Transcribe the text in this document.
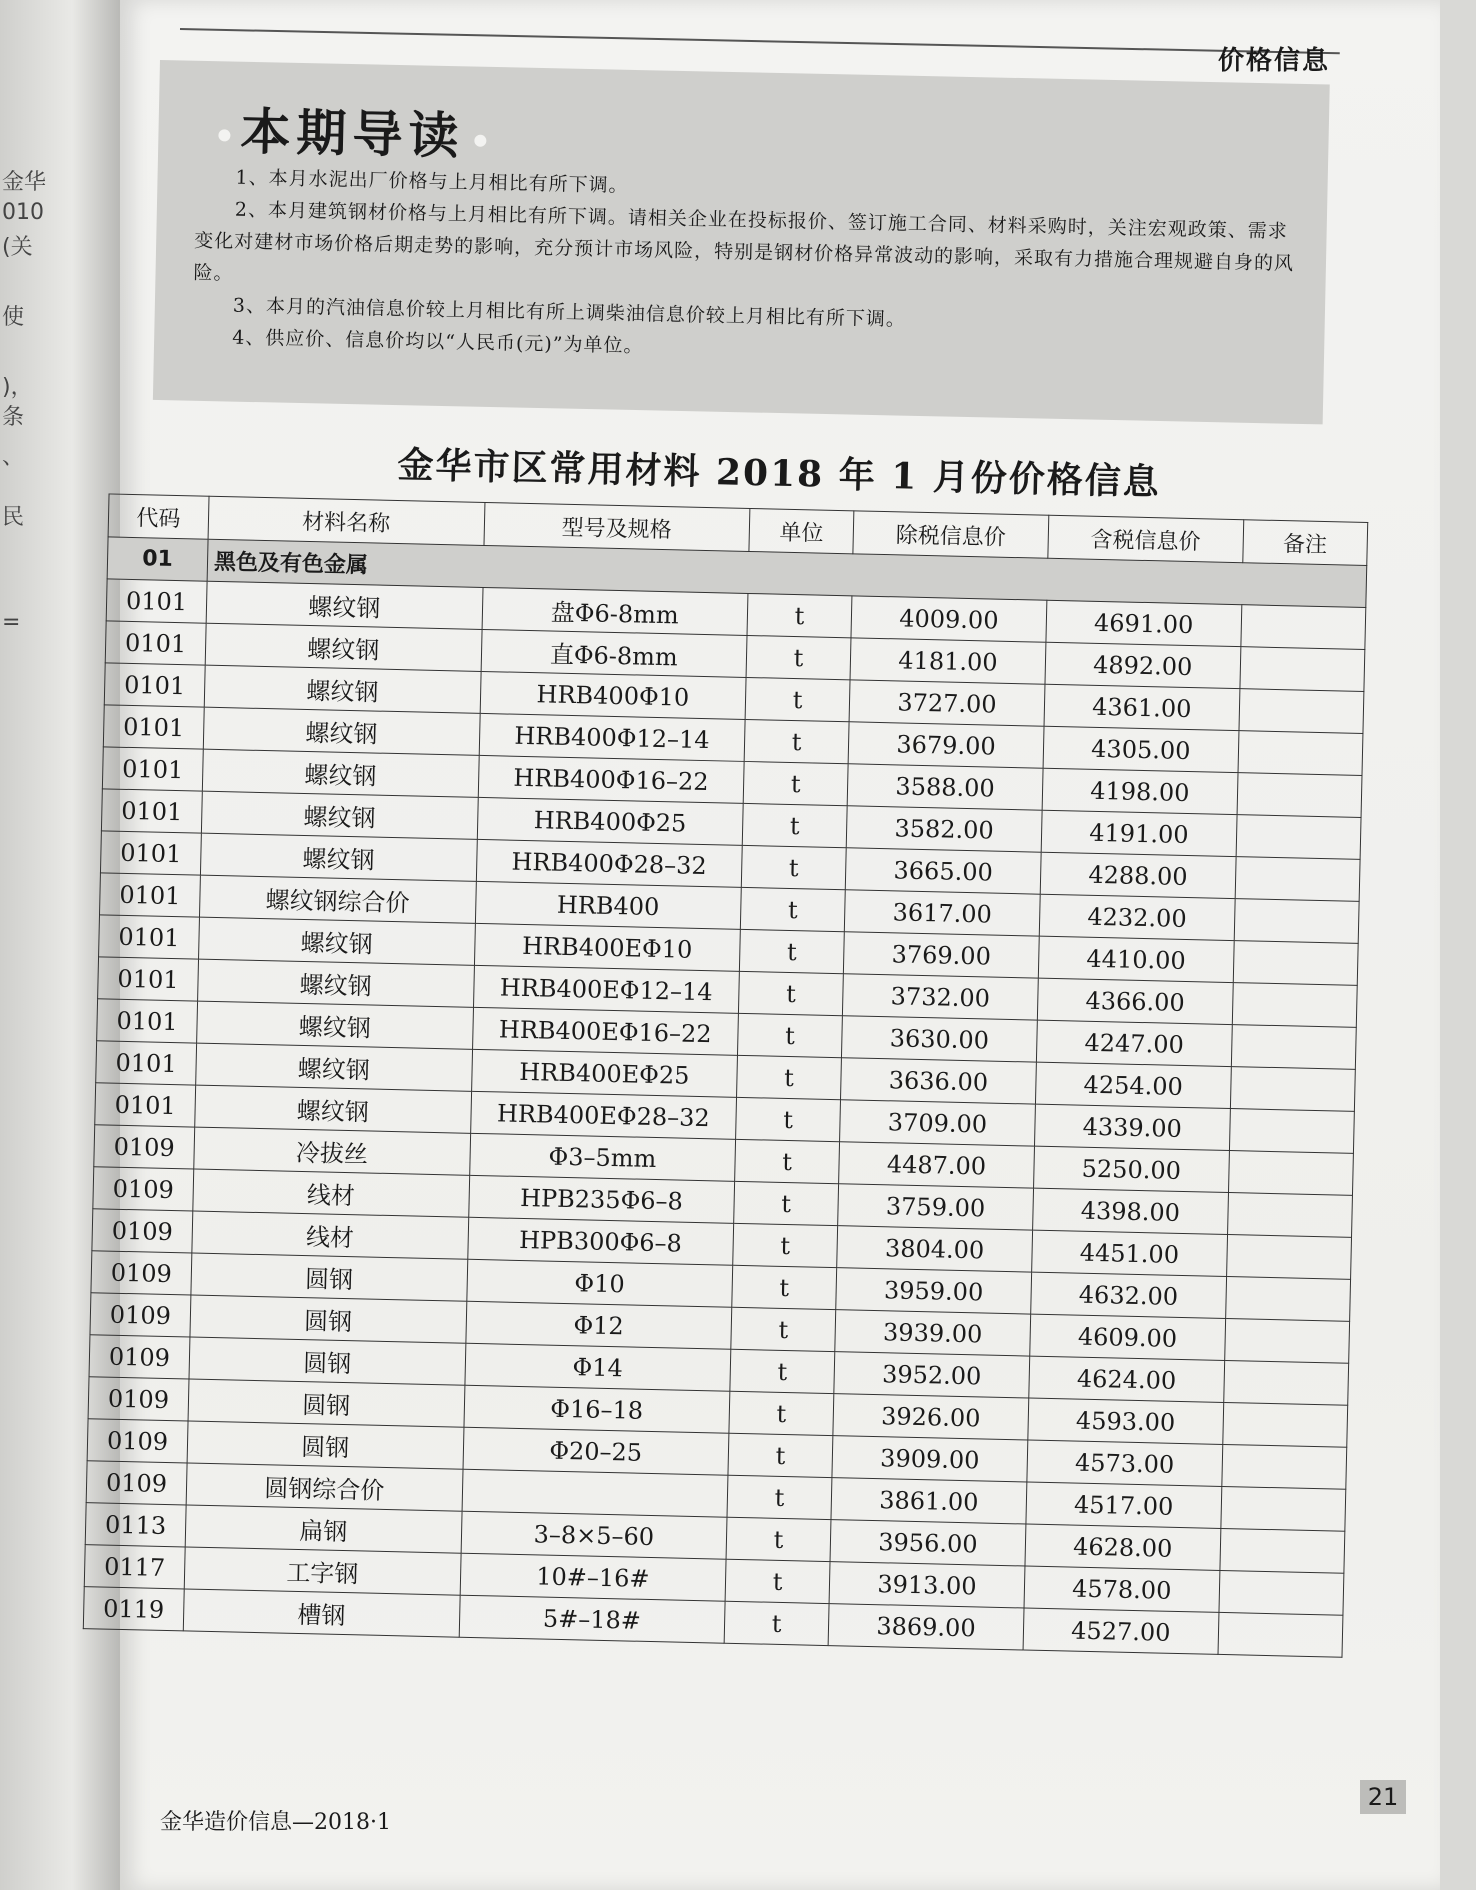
金华
010
(关
使
)，
条
、
民
=
价格信息
本期导读

1、本月水泥出厂价格与上月相比有所下调。

2、本月建筑钢材价格与上月相比有所下调。请相关企业在投标报价、签订施工合同、材料采购时，关注宏观政策、需求变化对建材市场价格后期走势的影响，充分预计市场风险，特别是钢材价格异常波动的影响，采取有力措施合理规避自身的风险。

3、本月的汽油信息价较上月相比有所上调柴油信息价较上月相比有所下调。

4、供应价、信息价均以“人民币(元)”为单位。

金华市区常用材料 2018 年 1 月份价格信息
代码	材料名称	型号及规格	单位	除税信息价	含税信息价	备注
01	黑色及有色金属					
0101	螺纹钢	盘Φ6-8mm	t	4009.00	4691.00	
0101	螺纹钢	直Φ6-8mm	t	4181.00	4892.00	
0101	螺纹钢	HRB400Φ10	t	3727.00	4361.00	
0101	螺纹钢	HRB400Φ12–14	t	3679.00	4305.00	
0101	螺纹钢	HRB400Φ16–22	t	3588.00	4198.00	
0101	螺纹钢	HRB400Φ25	t	3582.00	4191.00	
0101	螺纹钢	HRB400Φ28–32	t	3665.00	4288.00	
0101	螺纹钢综合价	HRB400	t	3617.00	4232.00	
0101	螺纹钢	HRB400EΦ10	t	3769.00	4410.00	
0101	螺纹钢	HRB400EΦ12–14	t	3732.00	4366.00	
0101	螺纹钢	HRB400EΦ16–22	t	3630.00	4247.00	
0101	螺纹钢	HRB400EΦ25	t	3636.00	4254.00	
0101	螺纹钢	HRB400EΦ28–32	t	3709.00	4339.00	
0109	冷拔丝	Φ3–5mm	t	4487.00	5250.00	
0109	线材	HPB235Φ6–8	t	3759.00	4398.00	
0109	线材	HPB300Φ6–8	t	3804.00	4451.00	
0109	圆钢	Φ10	t	3959.00	4632.00	
0109	圆钢	Φ12	t	3939.00	4609.00	
0109	圆钢	Φ14	t	3952.00	4624.00	
0109	圆钢	Φ16–18	t	3926.00	4593.00	
0109	圆钢	Φ20–25	t	3909.00	4573.00	
0109	圆钢综合价		t	3861.00	4517.00	
0113	扁钢	3–8×5–60	t	3956.00	4628.00	
0117	工字钢	10#–16#	t	3913.00	4578.00	
0119	槽钢	5#–18#	t	3869.00	4527.00	
金华造价信息—2018·1
21
